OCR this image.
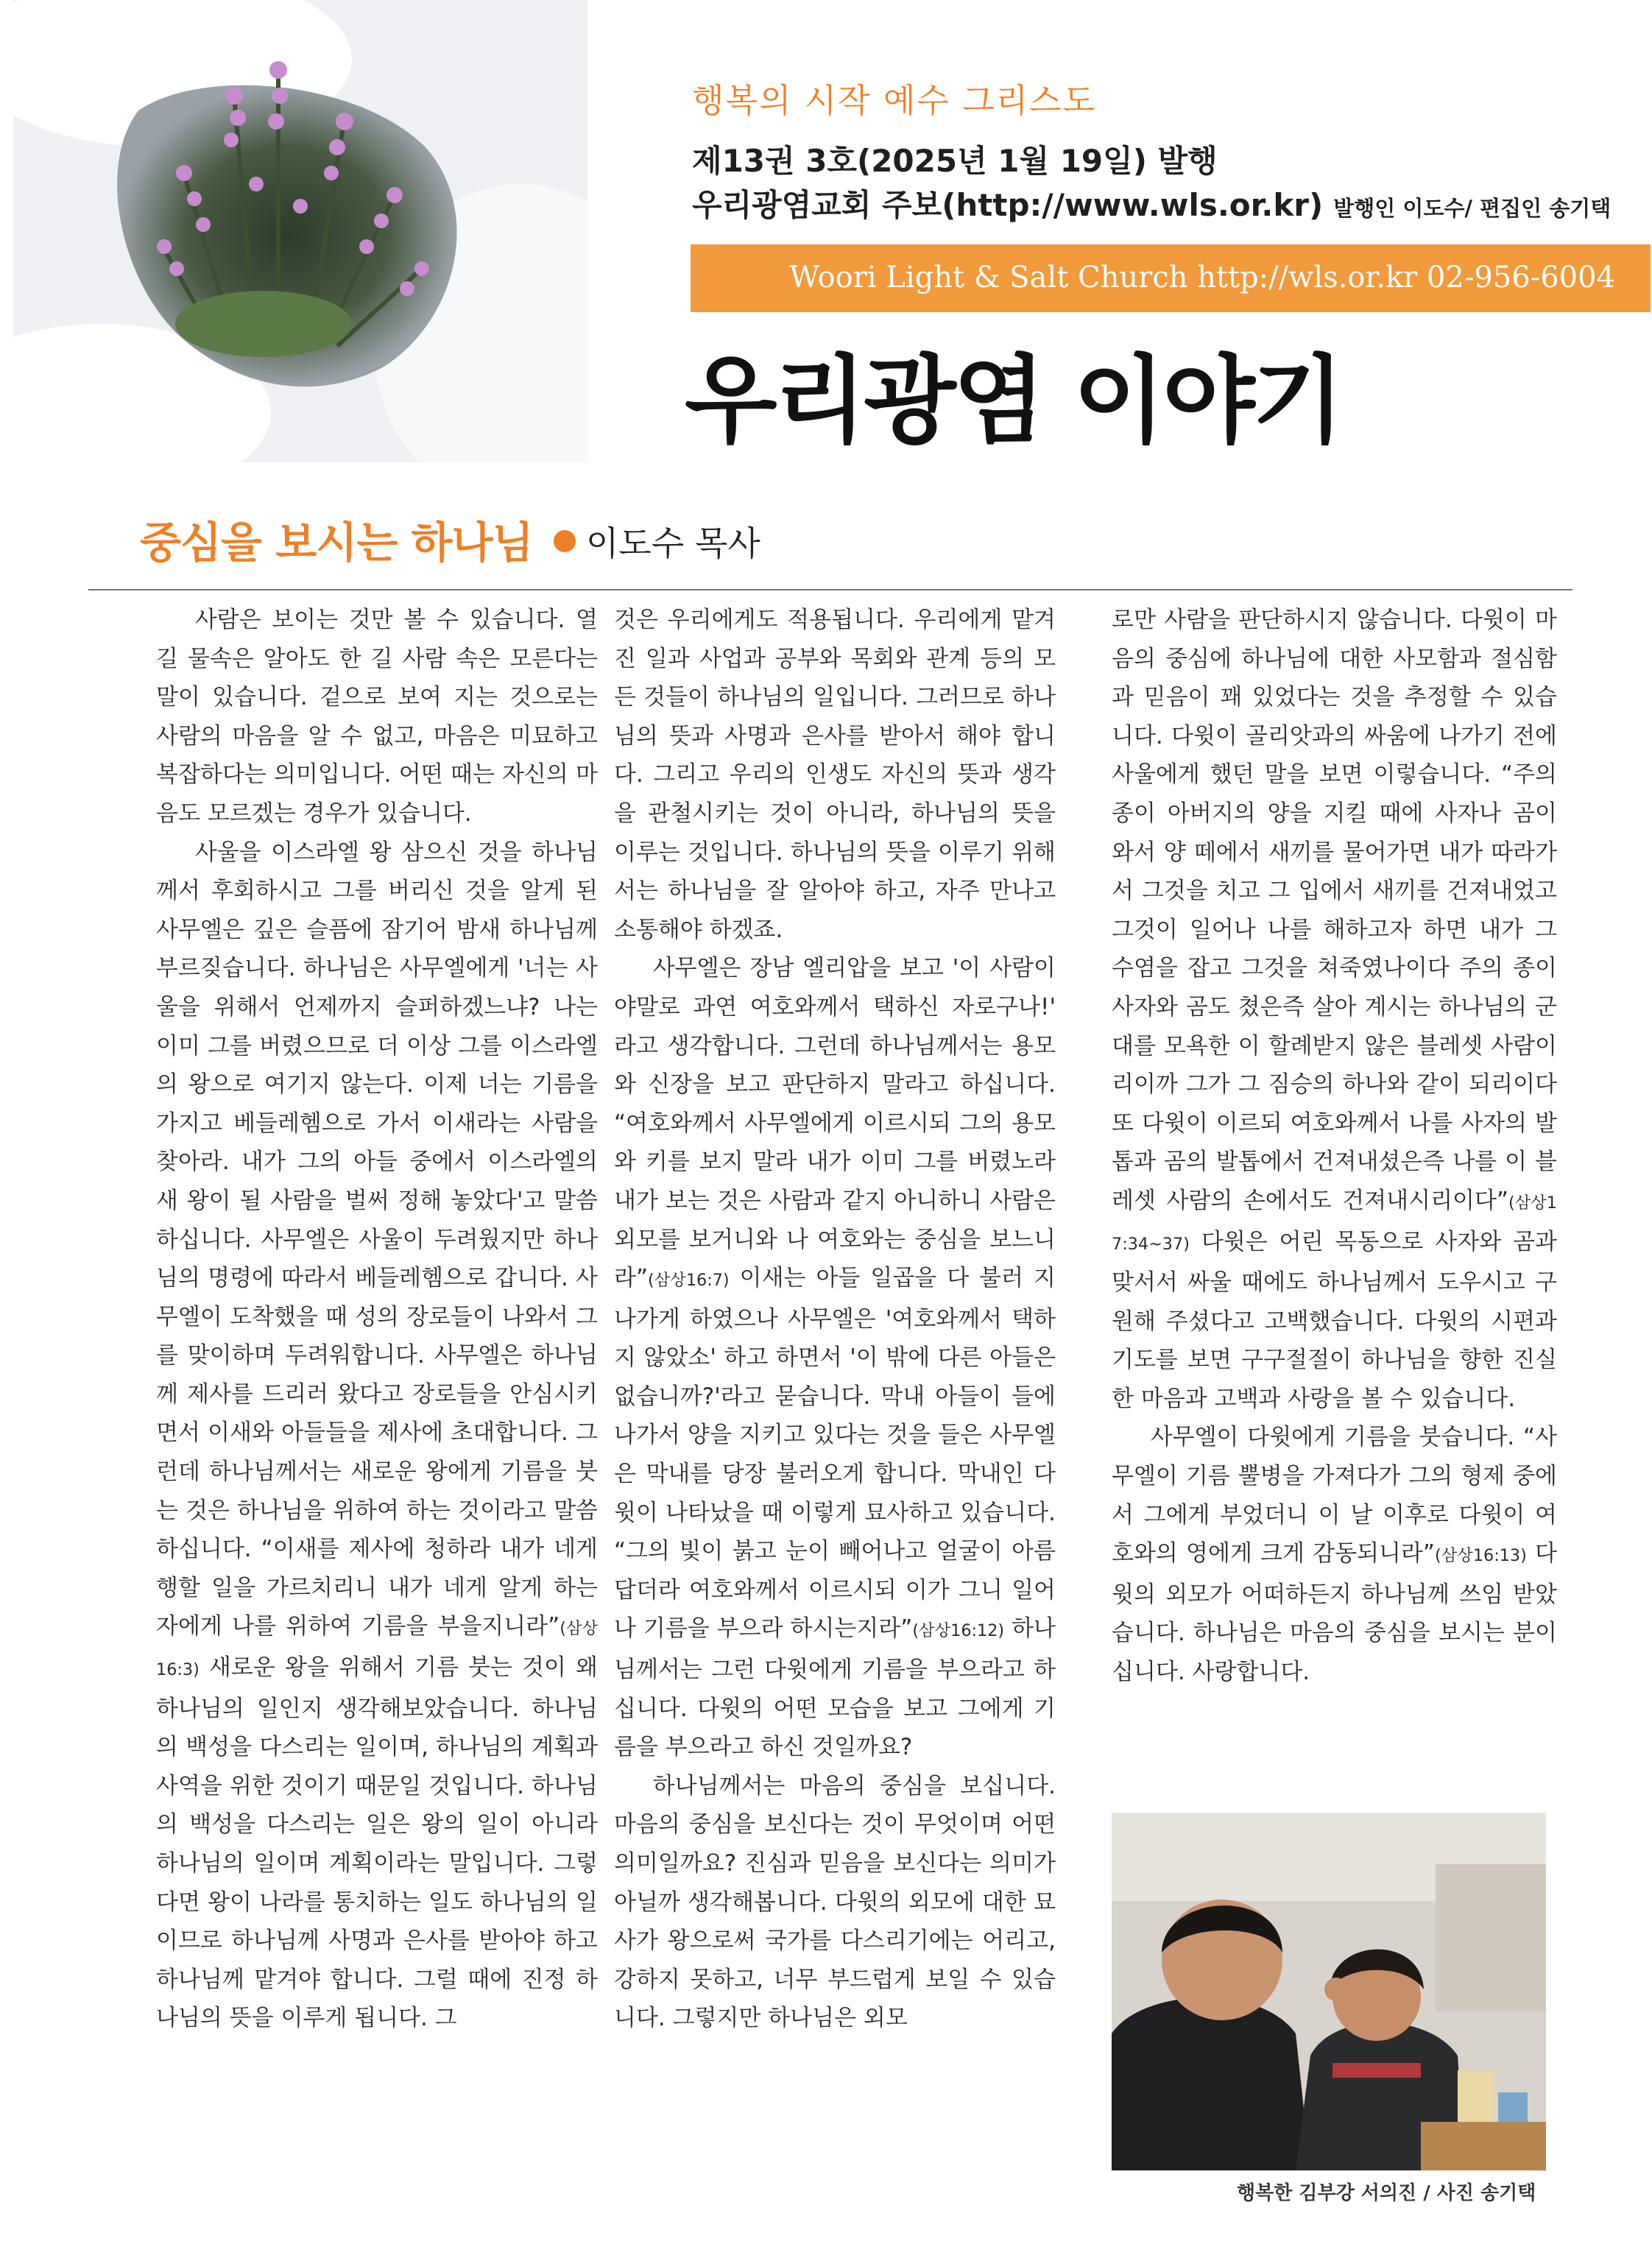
행복의 시작 예수 그리스도
제13권 3호(2025년 1월 19일) 발행
우리광염교회 주보(http://www.wls.or.kr) 발행인 이도수/ 편집인 송기택
Woori Light & Salt Church http://wls.or.kr 02-956-6004
우리광염 이야기
중심을 보시는 하나님 이도수 목사

사람은 보이는 것만 볼 수 있습니다. 열 길 물속은 알아도 한 길 사람 속은 모른다는 말이 있습니다. 겉으로 보여 지는 것으로는 사람의 마음을 알 수 없고, 마음은 미묘하고 복잡하다는 의미입니다. 어떤 때는 자신의 마음도 모르겠는 경우가 있습니다.

사울을 이스라엘 왕 삼으신 것을 하나님께서 후회하시고 그를 버리신 것을 알게 된 사무엘은 깊은 슬픔에 잠기어 밤새 하나님께 부르짖습니다. 하나님은 사무엘에게 '너는 사울을 위해서 언제까지 슬퍼하겠느냐? 나는 이미 그를 버렸으므로 더 이상 그를 이스라엘의 왕으로 여기지 않는다. 이제 너는 기름을 가지고 베들레헴으로 가서 이새라는 사람을 찾아라. 내가 그의 아들 중에서 이스라엘의 새 왕이 될 사람을 벌써 정해 놓았다'고 말씀하십니다. 사무엘은 사울이 두려웠지만 하나님의 명령에 따라서 베들레헴으로 갑니다. 사무엘이 도착했을 때 성의 장로들이 나와서 그를 맞이하며 두려워합니다. 사무엘은 하나님께 제사를 드리러 왔다고 장로들을 안심시키면서 이새와 아들들을 제사에 초대합니다. 그런데 하나님께서는 새로운 왕에게 기름을 붓는 것은 하나님을 위하여 하는 것이라고 말씀하십니다. “이새를 제사에 청하라 내가 네게 행할 일을 가르치리니 내가 네게 알게 하는 자에게 나를 위하여 기름을 부을지니라”(삼상16:3) 새로운 왕을 위해서 기름 붓는 것이 왜 하나님의 일인지 생각해보았습니다. 하나님의 백성을 다스리는 일이며, 하나님의 계획과 사역을 위한 것이기 때문일 것입니다. 하나님의 백성을 다스리는 일은 왕의 일이 아니라 하나님의 일이며 계획이라는 말입니다. 그렇다면 왕이 나라를 통치하는 일도 하나님의 일이므로 하나님께 사명과 은사를 받아야 하고 하나님께 맡겨야 합니다. 그럴 때에 진정 하나님의 뜻을 이루게 됩니다. 그

것은 우리에게도 적용됩니다. 우리에게 맡겨진 일과 사업과 공부와 목회와 관계 등의 모든 것들이 하나님의 일입니다. 그러므로 하나님의 뜻과 사명과 은사를 받아서 해야 합니다. 그리고 우리의 인생도 자신의 뜻과 생각을 관철시키는 것이 아니라, 하나님의 뜻을 이루는 것입니다. 하나님의 뜻을 이루기 위해서는 하나님을 잘 알아야 하고, 자주 만나고 소통해야 하겠죠.

사무엘은 장남 엘리압을 보고 '이 사람이야말로 과연 여호와께서 택하신 자로구나!' 라고 생각합니다. 그런데 하나님께서는 용모와 신장을 보고 판단하지 말라고 하십니다. “여호와께서 사무엘에게 이르시되 그의 용모와 키를 보지 말라 내가 이미 그를 버렸노라 내가 보는 것은 사람과 같지 아니하니 사람은 외모를 보거니와 나 여호와는 중심을 보느니라”(삼상16:7) 이새는 아들 일곱을 다 불러 지나가게 하였으나 사무엘은 '여호와께서 택하지 않았소' 하고 하면서 '이 밖에 다른 아들은 없습니까?'라고 묻습니다. 막내 아들이 들에 나가서 양을 지키고 있다는 것을 들은 사무엘은 막내를 당장 불러오게 합니다. 막내인 다윗이 나타났을 때 이렇게 묘사하고 있습니다. “그의 빛이 붉고 눈이 빼어나고 얼굴이 아름답더라 여호와께서 이르시되 이가 그니 일어나 기름을 부으라 하시는지라”(삼상16:12) 하나님께서는 그런 다윗에게 기름을 부으라고 하십니다. 다윗의 어떤 모습을 보고 그에게 기름을 부으라고 하신 것일까요?

하나님께서는 마음의 중심을 보십니다. 마음의 중심을 보신다는 것이 무엇이며 어떤 의미일까요? 진심과 믿음을 보신다는 의미가 아닐까 생각해봅니다. 다윗의 외모에 대한 묘사가 왕으로써 국가를 다스리기에는 어리고, 강하지 못하고, 너무 부드럽게 보일 수 있습니다. 그렇지만 하나님은 외모

로만 사람을 판단하시지 않습니다. 다윗이 마음의 중심에 하나님에 대한 사모함과 절심함과 믿음이 꽤 있었다는 것을 추정할 수 있습니다. 다윗이 골리앗과의 싸움에 나가기 전에 사울에게 했던 말을 보면 이렇습니다. “주의 종이 아버지의 양을 지킬 때에 사자나 곰이 와서 양 떼에서 새끼를 물어가면 내가 따라가서 그것을 치고 그 입에서 새끼를 건져내었고 그것이 일어나 나를 해하고자 하면 내가 그 수염을 잡고 그것을 쳐죽였나이다 주의 종이 사자와 곰도 쳤은즉 살아 계시는 하나님의 군대를 모욕한 이 할례받지 않은 블레셋 사람이리이까 그가 그 짐승의 하나와 같이 되리이다 또 다윗이 이르되 여호와께서 나를 사자의 발톱과 곰의 발톱에서 건져내셨은즉 나를 이 블레셋 사람의 손에서도 건져내시리이다”(삼상17:34~37) 다윗은 어린 목동으로 사자와 곰과 맞서서 싸울 때에도 하나님께서 도우시고 구원해 주셨다고 고백했습니다. 다윗의 시편과 기도를 보면 구구절절이 하나님을 향한 진실한 마음과 고백과 사랑을 볼 수 있습니다.

사무엘이 다윗에게 기름을 붓습니다. “사무엘이 기름 뿔병을 가져다가 그의 형제 중에서 그에게 부었더니 이 날 이후로 다윗이 여호와의 영에게 크게 감동되니라”(삼상16:13) 다윗의 외모가 어떠하든지 하나님께 쓰임 받았습니다. 하나님은 마음의 중심을 보시는 분이십니다. 사랑합니다.

행복한 김부강 서의진 / 사진 송기택
